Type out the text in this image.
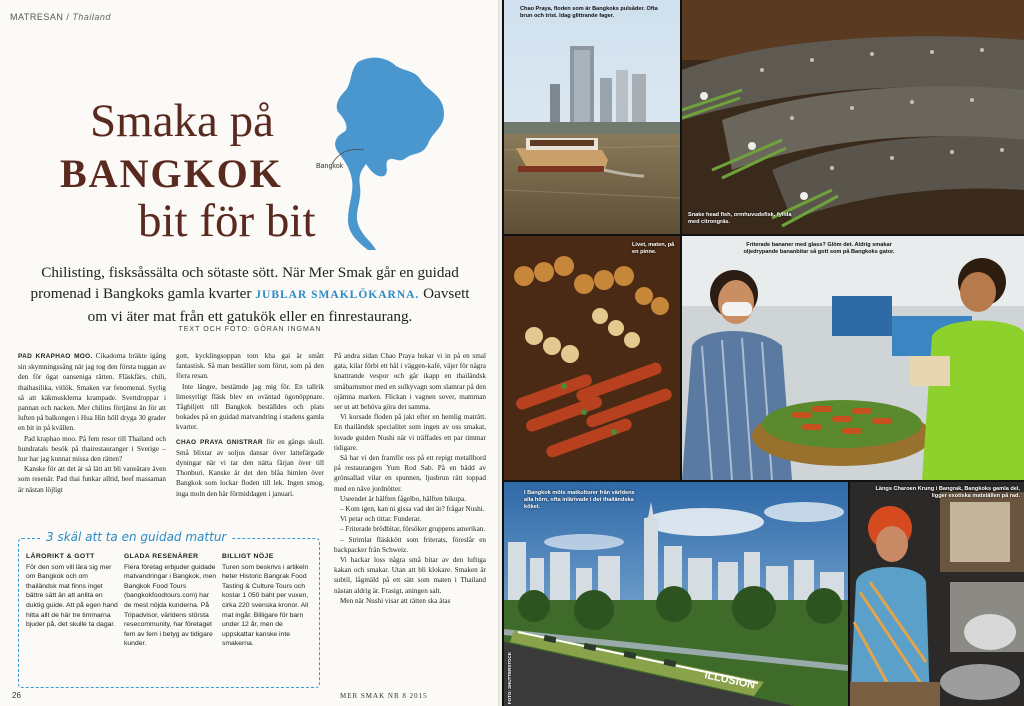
MATRESAN / Thailand
Bangkok
Smaka på
BANGKOK
bit för bit
Chilisting, fisksåssälta och sötaste sött. När Mer Smak går en guidad promenad i Bangkoks gamla kvarter JUBLAR SMAKLÖKARNA. Oavsett om vi äter mat från ett gatukök eller en finrestaurang.
TEXT OCH FOTO: GÖRAN INGMAN

PAD KRAPHAO MOO. Cikadorna bräkte igång sin skymningssång när jag tog den första tuggan av den för ögat oanseniga rätten. Fläskfärs, chili, thaibasilika, vitlök. Smaken var fenomenal. Syrlig så att käkmusklerna krampade. Svettdroppar i pannan och nacken. Mer chilins förtjänst än för att luften på balkongen i Hua Hin höll dryga 30 grader en bit in på kvällen.

Pad kraphao moo. På fem resor till Thailand och hundratals besök på thairestauranger i Sverige – hur har jag kunnat missa den rätten?

Kanske för att det är så lätt att bli vaneätare även som resenär. Pad thai funkar alltid, beef massaman är nästan löjligt

gott, kycklingsoppan tom kha gai är smått fantastisk. Så man beställer som förut, som på den förra resan.

Inte längre, bestämde jag mig för. En tallrik limesyrligt fläsk blev en oväntad ögonöppnare. Tågbiljett till Bangkok beställdes och plats bokades på en guidad matvandring i stadens gamla kvarter.

CHAO PRAYA GNISTRAR för en gångs skull. Små blixtar av soljus dansar över lattefärgade dyningar när vi tar den nätta färjan över till Thonburi. Kanske är det den blåa himlen över Bangkok som lockar floden till lek. Ingen smog, inga moln den här förmiddagen i januari.

På andra sidan Chao Praya hukar vi in på en smal gata, kilar förbi ett hål i väggen-kafé, väjer för några knattrande vespor och går ikapp en thailändsk småbarnsmor med en sulkyvagn som slamrar på den ojämna marken. Flickan i vagnen sover, mamman ser ut att behöva göra det samma.

Vi korsade floden på jakt efter en hemlig maträtt. En thailändsk specialitet som ingen av oss smakat, lovade guiden Nushi när vi träffades ett par timmar tidigare.

Så har vi den framför oss på ett repigt metallbord på restaurangen Yum Rod Sab. På en bädd av grönsallad vilar en spunnen, ljusbrun rätt toppad med en näve jordnötter.

Useendet är hälften fågelbo, hälften bikupa.

– Kom igen, kan ni gissa vad det är? frågar Nushi.

Vi petar och tittar. Funderar.

– Friterade brödbitar, försöker gruppens amerikan.

– Strimlat fläskkött som friterats, föreslår en backpacker från Schweiz.

Vi hackar loss några små bitar av den luftiga kakan och smakar. Utan att bli klokare. Smaken är subtil, lågmäld på ett sätt som maten i Thailand nästan aldrig är. Frasigt, aningen salt.

Men när Nushi visar att rätten ska ätas

3 skäl att ta en guidad mattur
LÄRORIKT & GOTT
För den som vill lära sig mer om Bangkok och om thailändsk mat finns inget bättre sätt än att anlita en duktig guide. Att på egen hand hitta allt de här tre timmarna bjuder på, det skulle ta dagar.
GLADA RESENÄRER
Flera företag erbjuder guidade matvandringar i Bangkok, men Bangkok Food Tours (bangkokfoodtours.com) har de mest nöjda kunderna. På Tripadvisor, världens största resecommunity, har företaget fem av fem i betyg av tidigare kunder.
BILLIGT NÖJE
Turen som beskrivs i artikeln heter Historic Bangrak Food Tasting & Culture Tours och kostar 1 050 baht per vuxen, cirka 220 svenska kronor. All mat ingår. Billigare för barn under 12 år, men de uppskattar kanske inte smakerna.
26	MER SMAK NR 8 2015
Chao Praya, floden som är Bangkoks pulsåder. Ofta brun och trist. Idag glittrande fager.
Snake head fish, ormhuvudsfisk, fyllda med citrongräs.
Livet, maten, på en pinne.
Friterade bananer med glass? Glöm det. Aldrig smakar oljedrypande bananbitar så gott som på Bangkoks gator.
ILLUSION
I Bangkok möts matkulturer från världens alla hörn, ofta inlärivade i det thailändska köket.
FOTO: SHUTTERSTOCK
Längs Charoen Krung i Bangrak, Bangkoks gamla del, ligger exotiska matställen på rad.
